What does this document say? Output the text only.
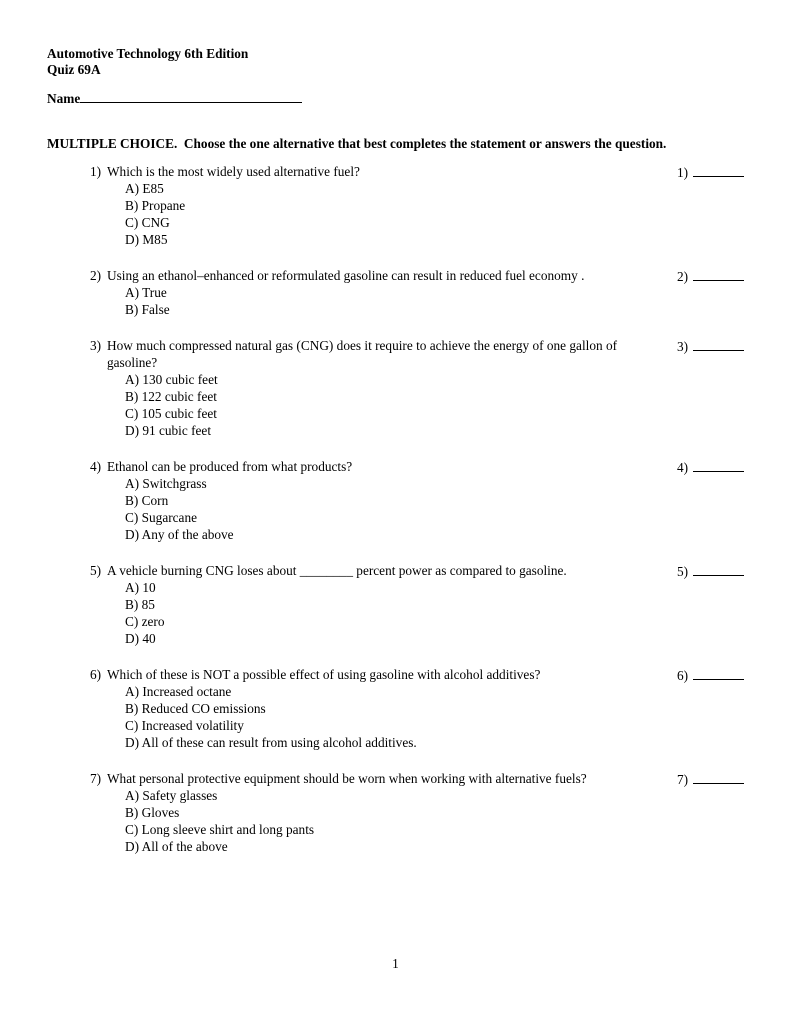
Automotive Technology 6th Edition
Quiz 69A
Name
MULTIPLE CHOICE.  Choose the one alternative that best completes the statement or answers the question.
1) Which is the most widely used alternative fuel?
A) E85
B) Propane
C) CNG
D) M85
1)
2) Using an ethanol–enhanced or reformulated gasoline can result in reduced fuel economy .
A) True
B) False
2)
3) How much compressed natural gas (CNG) does it require to achieve the energy of one gallon of gasoline?
A) 130 cubic feet
B) 122 cubic feet
C) 105 cubic feet
D) 91 cubic feet
3)
4) Ethanol can be produced from what products?
A) Switchgrass
B) Corn
C) Sugarcane
D) Any of the above
4)
5) A vehicle burning CNG loses about ________ percent power as compared to gasoline.
A) 10
B) 85
C) zero
D) 40
5)
6) Which of these is NOT a possible effect of using gasoline with alcohol additives?
A) Increased octane
B) Reduced CO emissions
C) Increased volatility
D) All of these can result from using alcohol additives.
6)
7) What personal protective equipment should be worn when working with alternative fuels?
A) Safety glasses
B) Gloves
C) Long sleeve shirt and long pants
D) All of the above
7)
1
